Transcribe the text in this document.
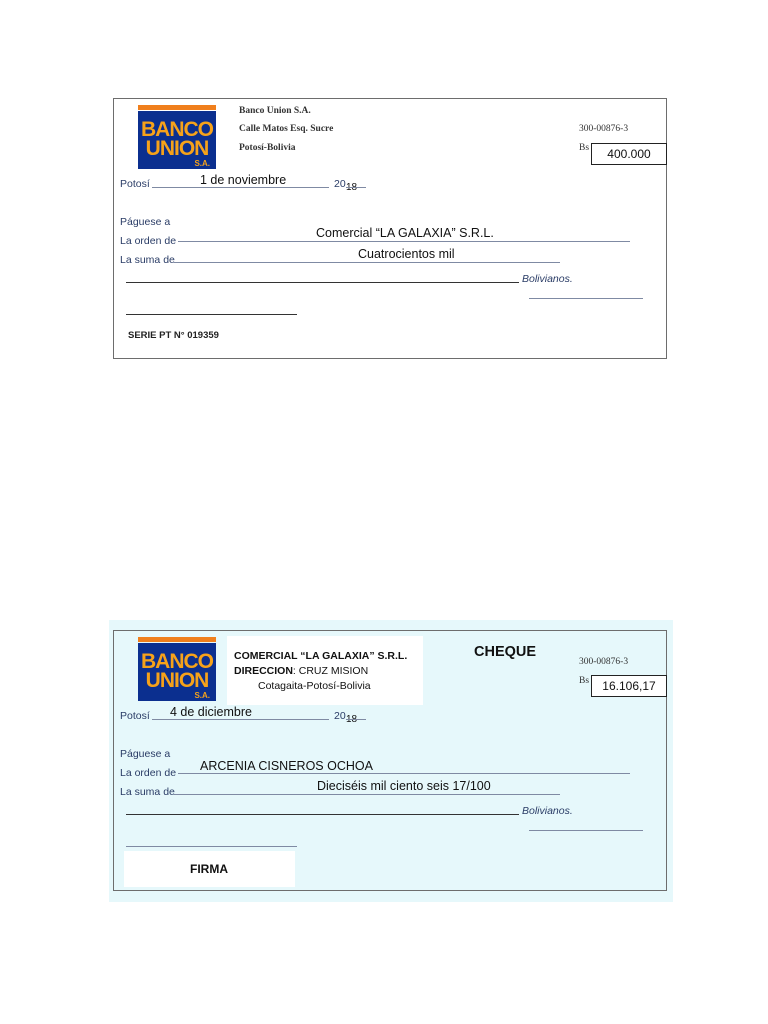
BANCO
UNION
S.A.
Banco Union S.A.
Calle Matos Esq. Sucre
Potosí-Bolivia
300-00876-3
Bs	400.000
Potosí	1 de noviembre	20 18
Páguese a
La orden de
Comercial “LA GALAXIA” S.R.L.
La suma de	Cuatrocientos mil
Bolivianos.
SERIE PT N° 019359
BANCO
UNION
S.A.
COMERCIAL “LA GALAXIA” S.R.L.
DIRECCION: CRUZ MISION
Cotagaita-Potosí-Bolivia
CHEQUE
300-00876-3
Bs	16.106,17
Potosí 4 de diciembre	20 18
Páguese a
La orden de ARCENIA CISNEROS OCHOA
La suma de	Dieciséis mil ciento seis 17/100
Bolivianos.
FIRMA
